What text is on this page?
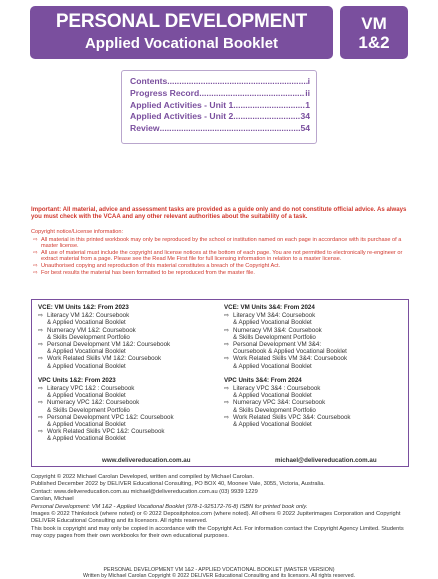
PERSONAL DEVELOPMENT
Applied Vocational Booklet
VM
1&2
Contents .....	i
Progress Record .....	ii
Applied Activities - Unit 1 .....	1
Applied Activities - Unit 2 .....	34
Review .....	54
Important: All material, advice and assessment tasks are provided as a guide only and do not constitute official advice. As always you must check with the VCAA and any other relevant authorities about the suitability of a task.
Copyright notice/License information:
⇨ All material in this printed workbook may only be reproduced by the school or institution named on each page in accordance with its purchase of a master license.
⇨ All use of material must include the copyright and license notices at the bottom of each page. You are not permitted to electronically re-engineer or extract material from a page. Please see the Read Me First file for full licensing information in relation to a master license.
⇨ Unauthorised copying and reproduction of this material constitutes a breach of the Copyright Act.
⇨ For best results the material has been formatted to be reproduced from the master file.
VCE: VM Units 1&2: From 2023
⇨ Literacy VM 1&2: Coursebook
& Applied Vocational Booklet
⇨ Numeracy VM 1&2: Coursebook
& Skills Development Portfolio
⇨ Personal Development VM 1&2: Coursebook
& Applied Vocational Booklet
⇨ Work Related Skills VM 1&2: Coursebook
& Applied Vocational Booklet
VPC Units 1&2: From 2023
⇨ Literacy VPC 1&2 : Coursebook
& Applied Vocational Booklet
⇨ Numeracy VPC 1&2: Coursebook
& Skills Development Portfolio
⇨ Personal Development VPC 1&2: Coursebook
& Applied Vocational Booklet
⇨ Work Related Skills VPC 1&2: Coursebook
& Applied Vocational Booklet
VCE: VM Units 3&4: From 2024
⇨ Literacy VM 3&4: Coursebook
& Applied Vocational Booklet
⇨ Numeracy VM 3&4: Coursebook
& Skills Development Portfolio
⇨ Personal Development VM 3&4:
Coursebook & Applied Vocational Booklet
⇨ Work Related Skills VM 3&4: Coursebook
& Applied Vocational Booklet
VPC Units 3&4: From 2024
⇨ Literacy VPC 3&4 : Coursebook
& Applied Vocational Booklet
⇨ Numeracy VPC 3&4: Coursebook
& Skills Development Portfolio
⇨ Work Related Skills VPC 3&4: Coursebook
& Applied Vocational Booklet
www.delivereducation.com.au	michael@delivereducation.com.au

Copyright © 2022 Michael Carolan Developed, written and compiled by Michael Carolan.

Published December 2022 by DELIVER Educational Consulting, PO BOX 40, Moonee Vale, 3055, Victoria, Australia.

Contact: www.delivereducation.com.au michael@delivereducation.com.au (03) 9939 1229

Carolan, Michael

Personal Development: VM 1&2 - Applied Vocational Booklet (978-1-925172-76-8) ISBN for printed book only.

Images © 2022 Thinkstock (where noted) or © 2022 Depositphotos.com (where noted). All others © 2022 Jupiterimages Corporation and Copyright DELIVER Educational Consulting and its licensors. All rights reserved.

This book is copyright and may only be copied in accordance with the Copyright Act. For information contact the Copyright Agency Limited. Students may copy pages from their own workbooks for their own educational purposes.

PERSONAL DEVELOPMENT VM 1&2 - APPLIED VOCATIONAL BOOKLET (MASTER VERSION)
Written by Michael Carolan Copyright © 2022 DELIVER Educational Consulting and its licensors. All rights reserved.
